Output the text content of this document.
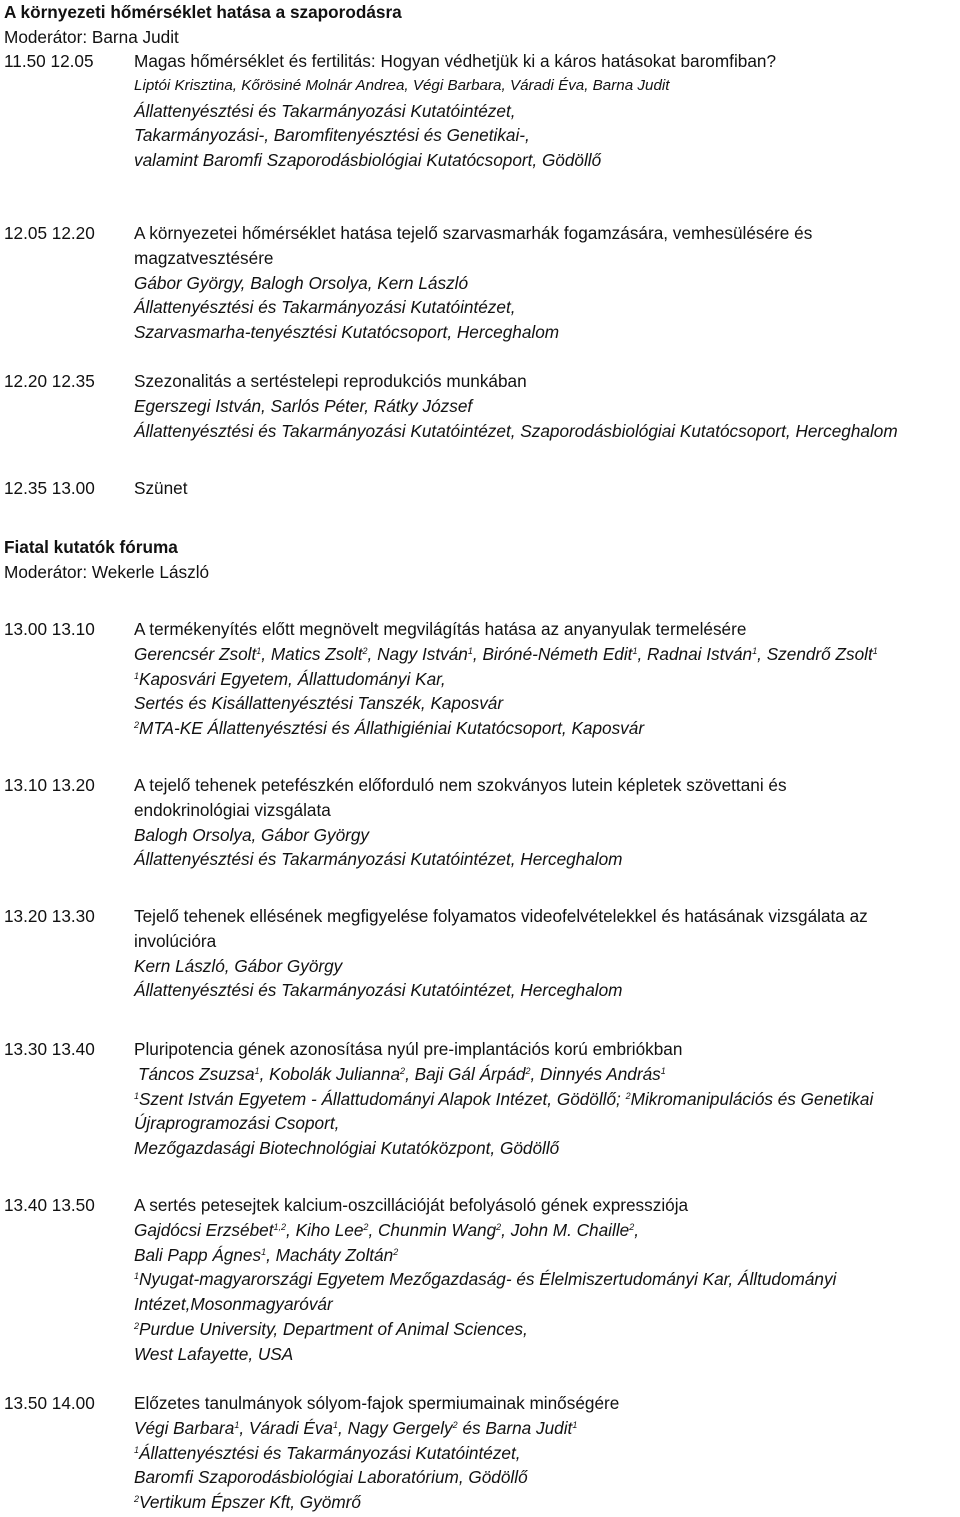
A környezeti hőmérséklet hatása a szaporodásra
Moderátor: Barna Judit
11.50 12.05 Magas hőmérséklet és fertilitás: Hogyan védhetjük ki a káros hatásokat baromfiban?
Liptói Krisztina, Kőrösiné Molnár Andrea, Végi Barbara, Váradi Éva, Barna Judit
Állattenyésztési és Takarmányozási Kutatóintézet,
Takarmányozási-, Baromfitenyésztési és Genetikai-,
valamint Baromfi Szaporodásbiológiai Kutatócsoport, Gödöllő
12.05 12.20 A környezetei hőmérséklet hatása tejelő szarvasmarhák fogamzására, vemhesülésére és
magzatvesztésére
Gábor György, Balogh Orsolya, Kern László
Állattenyésztési és Takarmányozási Kutatóintézet,
Szarvasmarha-tenyésztési Kutatócsoport, Herceghalom
12.20 12.35 Szezonalitás a sertéstelepi reprodukciós munkában
Egerszegi István, Sarlós Péter, Rátky József
Állattenyésztési és Takarmányozási Kutatóintézet, Szaporodásbiológiai Kutatócsoport, Herceghalom
12.35 13.00 Szünet
Fiatal kutatók fóruma
Moderátor: Wekerle László
13.00 13.10 A termékenyítés előtt megnövelt megvilágítás hatása az anyanyulak termelésére
Gerencsér Zsolt$^1$, Matics Zsolt$^2$, Nagy István$^1$, Biróné-Németh Edit$^1$, Radnai István$^1$, Szendrő Zsolt$^1$
$^1$Kaposvári Egyetem, Állattudományi Kar,
Sertés és Kisállattenyésztési Tanszék, Kaposvár
$^2$MTA-KE Állattenyésztési és Állathigiéniai Kutatócsoport, Kaposvár
13.10 13.20 A tejelő tehenek petefészkén előforduló nem szokványos lutein képletek szövettani és
endokrinológiai vizsgálata
Balogh Orsolya, Gábor György
Állattenyésztési és Takarmányozási Kutatóintézet, Herceghalom
13.20 13.30 Tejelő tehenek ellésének megfigyelése folyamatos videofelvételekkel és hatásának vizsgálata az
involúcióra
Kern László, Gábor György
Állattenyésztési és Takarmányozási Kutatóintézet, Herceghalom
13.30 13.40 Pluripotencia gének azonosítása nyúl pre-implantációs korú embriókban
Táncos Zsuzsa$^1$, Kobolák Julianna$^2$, Baji Gál Árpád$^2$, Dinnyés András$^1$
$^1$Szent István Egyetem - Állattudományi Alapok Intézet, Gödöllő; $^2$Mikromanipulációs és Genetikai
Újraprogramozási Csoport,
Mezőgazdasági Biotechnológiai Kutatóközpont, Gödöllő
13.40 13.50 A sertés petesejtek kalcium-oszcillációját befolyásoló gének expressziója
Gajdócsi Erzsébet$^{1,2}$, Kiho Lee$^2$, Chunmin Wang$^2$, John M. Chaille$^2$,
Bali Papp Ágnes$^1$, Macháty Zoltán$^2$
$^1$Nyugat-magyarországi Egyetem Mezőgazdaság- és Élelmiszertudományi Kar, Álltudományi
Intézet,Mosonmagyaróvár
$^2$Purdue University, Department of Animal Sciences,
West Lafayette, USA
13.50 14.00 Előzetes tanulmányok sólyom-fajok spermiumainak minőségére
Végi Barbara$^1$, Váradi Éva$^1$, Nagy Gergely$^2$ és Barna Judit$^1$
$^1$Állattenyésztési és Takarmányozási Kutatóintézet,
Baromfi Szaporodásbiológiai Laboratórium, Gödöllő
$^2$Vertikum Épszer Kft, Gyömrő
